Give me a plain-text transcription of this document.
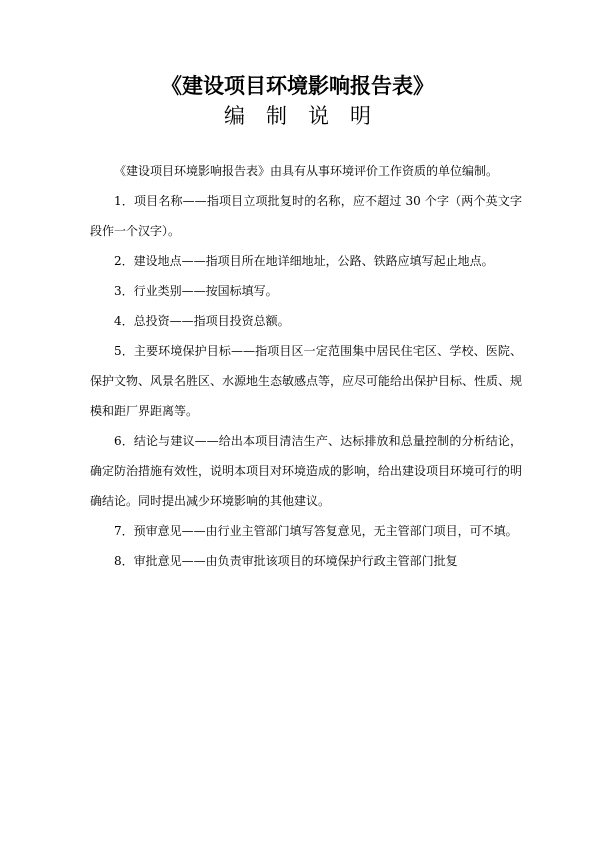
《建设项目环境影响报告表》
编　制　说　明

《建设项目环境影响报告表》由具有从事环境评价工作资质的单位编制。

1．项目名称——指项目立项批复时的名称，应不超过 30 个字（两个英文字段作一个汉字）。

2．建设地点——指项目所在地详细地址，公路、铁路应填写起止地点。

3．行业类别——按国标填写。

4．总投资——指项目投资总额。

5．主要环境保护目标——指项目区一定范围集中居民住宅区、学校、医院、保护文物、风景名胜区、水源地生态敏感点等，应尽可能给出保护目标、性质、规模和距厂界距离等。

6．结论与建议——给出本项目清洁生产、达标排放和总量控制的分析结论，确定防治措施有效性，说明本项目对环境造成的影响，给出建设项目环境可行的明确结论。同时提出减少环境影响的其他建议。

7．预审意见——由行业主管部门填写答复意见，无主管部门项目，可不填。

8．审批意见——由负责审批该项目的环境保护行政主管部门批复
